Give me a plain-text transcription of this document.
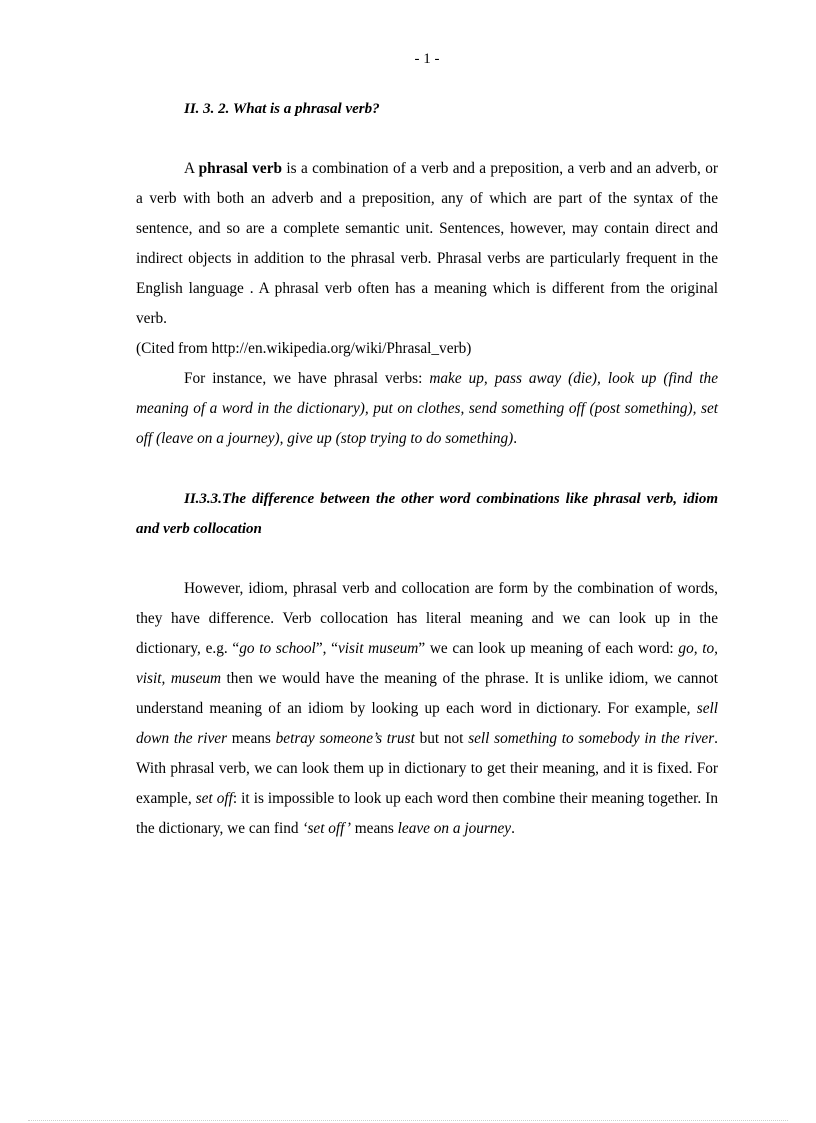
- 1 -

II. 3. 2. What is a phrasal verb?

A phrasal verb is a combination of a verb and a preposition, a verb and an adverb, or a verb with both an adverb and a preposition, any of which are part of the syntax of the sentence, and so are a complete semantic unit. Sentences, however, may contain direct and indirect objects in addition to the phrasal verb. Phrasal verbs are particularly frequent in the English language . A phrasal verb often has a meaning which is different from the original verb.

(Cited from http://en.wikipedia.org/wiki/Phrasal_verb)

For instance, we have phrasal verbs: make up, pass away (die), look up (find the meaning of a word in the dictionary), put on clothes, send something off (post something), set off (leave on a journey), give up (stop trying to do something).

II.3.3.The difference between the other word combinations like phrasal verb, idiom and verb collocation

However, idiom, phrasal verb and collocation are form by the combination of words, they have difference. Verb collocation has literal meaning and we can look up in the dictionary, e.g. “go to school”, “visit museum” we can look up meaning of each word: go, to, visit, museum then we would have the meaning of the phrase. It is unlike idiom, we cannot understand meaning of an idiom by looking up each word in dictionary. For example, sell down the river means betray someone’s trust but not sell something to somebody in the river. With phrasal verb, we can look them up in dictionary to get their meaning, and it is fixed. For example, set off: it is impossible to look up each word then combine their meaning together. In the dictionary, we can find ‘set off’ means leave on a journey.
